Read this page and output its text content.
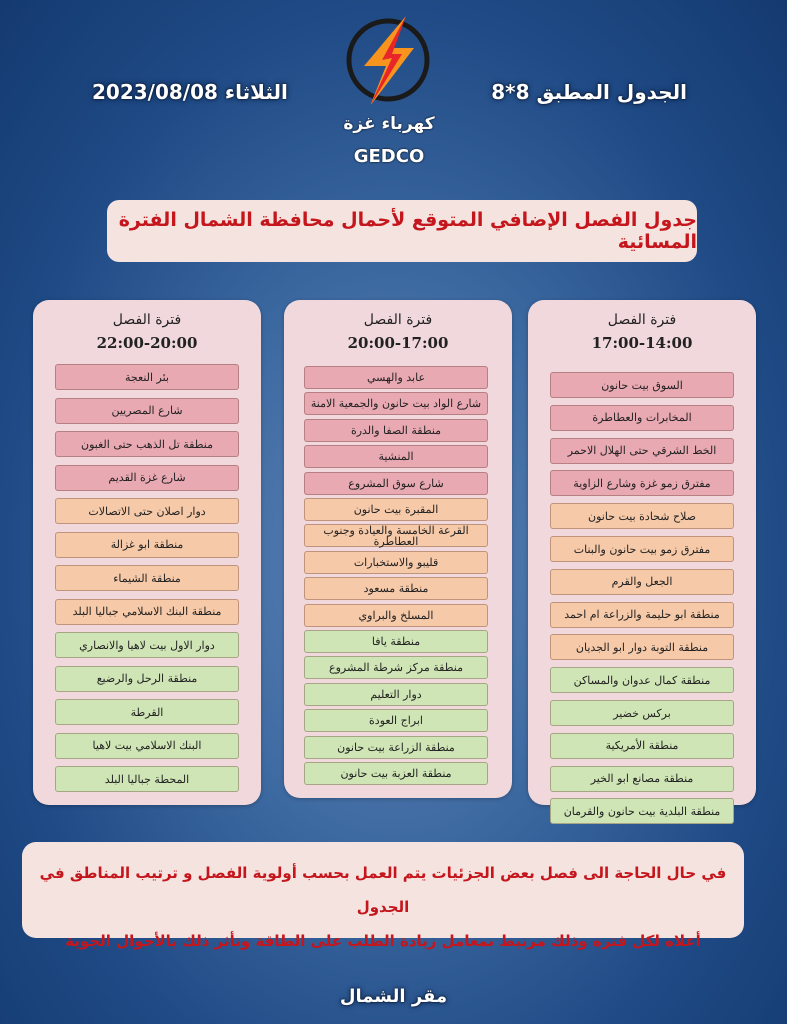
الجدول المطبق 8*8
الثلاثاء 2023/08/08
كهرباء غزة
GEDCO
جدول الفصل الإضافي المتوقع لأحمال محافظة الشمال الفترة المسائية
فترة الفصل
17:00-14:00
السوق بيت حانون
المخابرات والعطاطرة
الخط الشرقي حتى الهلال الاحمر
مفترق زمو غزة وشارع الزاوية
صلاح شحادة بيت حانون
مفترق زمو بيت حانون والبنات
الجعل والقرم
منطقة ابو حليمة والزراعة ام احمد
منطقة التوبة دوار ابو الجديان
منطقة كمال عدوان والمساكن
بركس خضير
منطقة الأمريكية
منطقة مصانع ابو الخير
منطقة البلدية بيت حانون والقرمان
فترة الفصل
20:00-17:00
عابد والهسي
شارع الواد بيت حانون والجمعية الامنة
منطقة الصفا والدرة
المنشية
شارع سوق المشروع
المقبرة بيت حانون
القرعة الخامسة والعيادة وجنوب العطاطرة
قليبو والاستخبارات
منطقة مسعود
المسلخ والبراوي
منطقة يافا
منطقة مركز شرطة المشروع
دوار التعليم
ابراج العودة
منطقة الزراعة بيت حانون
منطقة العزبة بيت حانون
فترة الفصل
22:00-20:00
بئر النعجة
شارع المصريين
منطقة تل الذهب حتى الغبون
شارع غزة القديم
دوار اصلان حتى الاتصالات
منطقة ابو غزالة
منطقة الشيماء
منطقة البنك الاسلامي جباليا البلد
دوار الاول بيت لاهيا والانصاري
منطقة الرحل والرضيع
القرطة
البنك الاسلامي بيت لاهيا
المحطة جباليا البلد
في حال الحاجة الى فصل بعض الجزئيات يتم العمل بحسب أولوية الفصل و ترتيب المناطق في الجدول
أعلاه لكل فترة وذلك مرتبط بمعامل زيادة الطلب على الطاقة وتأثر ذلك بالأحوال الجوية
مقر الشمال
